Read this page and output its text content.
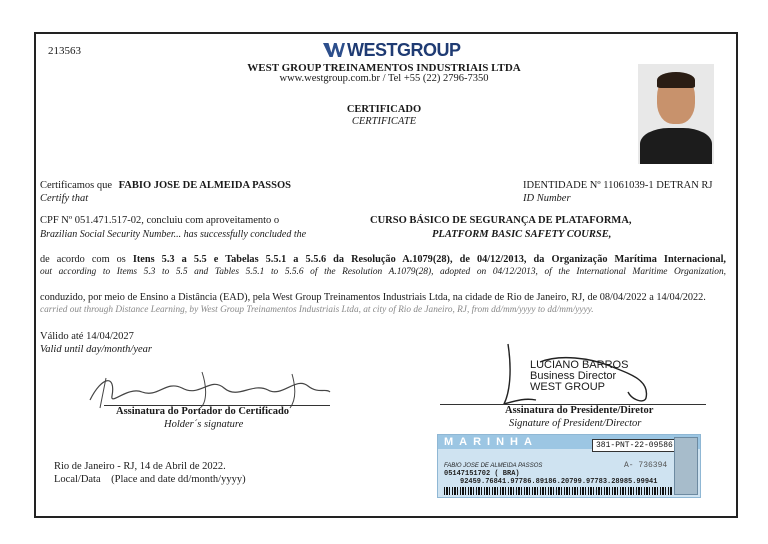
213563	WESTGROUP
WEST GROUP TREINAMENTOS INDUSTRIAIS LTDA
www.westgroup.com.br / Tel +55 (22) 2796-7350
CERTIFICADO
CERTIFICATE
Certificamos que FABIO JOSE DE ALMEIDA PASSOS
Certify that
IDENTIDADE Nº 11061039-1 DETRAN RJ
ID Number
CPF Nº 051.471.517-02, concluiu com aproveitamento o
Brazilian Social Security Number... has successfully concluded the
CURSO BÁSICO DE SEGURANÇA DE PLATAFORMA,
PLATFORM BASIC SAFETY COURSE,
de acordo com os Itens 5.3 a 5.5 e Tabelas 5.5.1 a 5.5.6 da Resolução A.1079(28), de 04/12/2013, da Organização Marítima Internacional,
out according to Items 5.3 to 5.5 and Tables 5.5.1 to 5.5.6 of the Resolution A.1079(28), adopted on 04/12/2013, of the International Maritime Organization,
conduzido, por meio de Ensino a Distância (EAD), pela West Group Treinamentos Industriais Ltda, na cidade de Rio de Janeiro, RJ, de 08/04/2022 a 14/04/2022.
carried out through Distance Learning, by West Group Treinamentos Industriais Ltda, at city of Rio de Janeiro, RJ, from dd/mm/yyyy to dd/mm/yyyy.
Válido até 14/04/2027
Valid until day/month/year
Assinatura do Portador do Certificado
Holder´s signature
LUCIANO BARROS
Business Director
WEST GROUP
Assinatura do Presidente/Diretor
Signature of President/Director
Rio de Janeiro - RJ, 14 de Abril de 2022.
Local/Data    (Place and date dd/month/yyyy)
MARINHA	381-PNT-22-09586
FABIO JOSE DE ALMEIDA PASSOS
05147151702 ( BRA)
A- 736394
92459.76841.97786.89186.20799.97783.28985.99941
